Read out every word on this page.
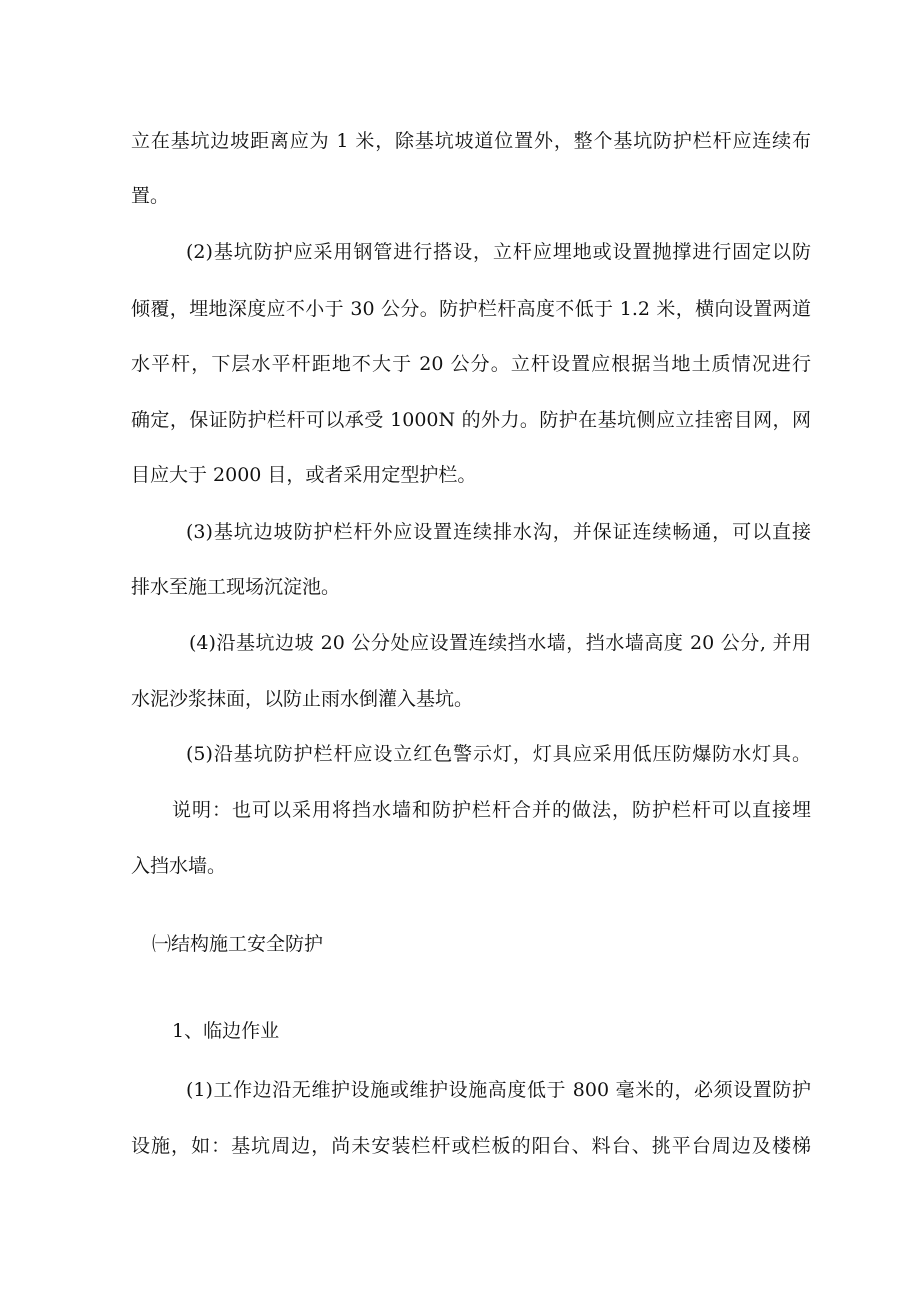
立在基坑边坡距离应为 1 米，除基坑坡道位置外，整个基坑防护栏杆应连续布
置。
(2)基坑防护应采用钢管进行搭设，立杆应埋地或设置抛撑进行固定以防
倾覆，埋地深度应不小于 30 公分。防护栏杆高度不低于 1.2 米，横向设置两道
水平杆，下层水平杆距地不大于 20 公分。立杆设置应根据当地土质情况进行
确定，保证防护栏杆可以承受 1000N 的外力。防护在基坑侧应立挂密目网，网
目应大于 2000 目，或者采用定型护栏。
(3)基坑边坡防护栏杆外应设置连续排水沟，并保证连续畅通，可以直接
排水至施工现场沉淀池。
(4)沿基坑边坡 20 公分处应设置连续挡水墙，挡水墙高度 20 公分, 并用
水泥沙浆抹面，以防止雨水倒灌入基坑。
(5)沿基坑防护栏杆应设立红色警示灯，灯具应采用低压防爆防水灯具。
说明：也可以采用将挡水墙和防护栏杆合并的做法，防护栏杆可以直接埋
入挡水墙。
㈠结构施工安全防护
1、临边作业
(1)工作边沿无维护设施或维护设施高度低于 800 毫米的，必须设置防护
设施，如：基坑周边，尚未安装栏杆或栏板的阳台、料台、挑平台周边及楼梯
